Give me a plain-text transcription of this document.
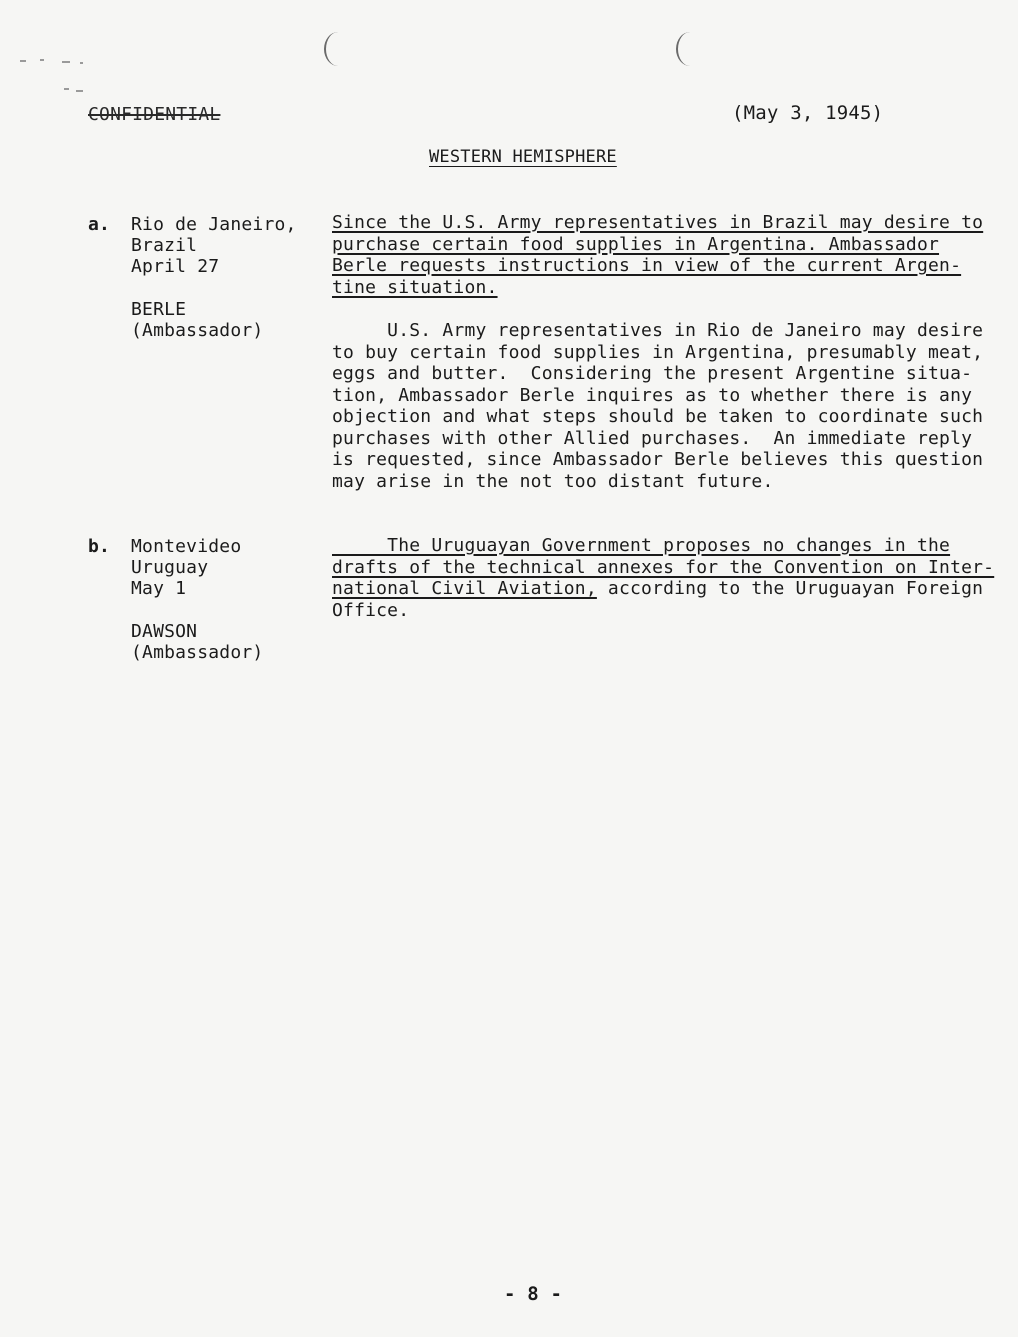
CONFIDENTIAL	(May 3, 1945)
WESTERN HEMISPHERE
a. Rio de Janeiro,
Brazil
April 27
BERLE
(Ambassador)
Since the U.S. Army representatives in Brazil may desire to
purchase certain food supplies in Argentina. Ambassador
Berle requests instructions in view of the current Argen-
tine situation.
U.S. Army representatives in Rio de Janeiro may desire
to buy certain food supplies in Argentina, presumably meat,
eggs and butter.  Considering the present Argentine situa-
tion, Ambassador Berle inquires as to whether there is any
objection and what steps should be taken to coordinate such
purchases with other Allied purchases.  An immediate reply
is requested, since Ambassador Berle believes this question
may arise in the not too distant future.
b. Montevideo
Uruguay
May 1
DAWSON
(Ambassador)
The Uruguayan Government proposes no changes in the
drafts of the technical annexes for the Convention on Inter-
national Civil Aviation, according to the Uruguayan Foreign
Office.
- 8 -
